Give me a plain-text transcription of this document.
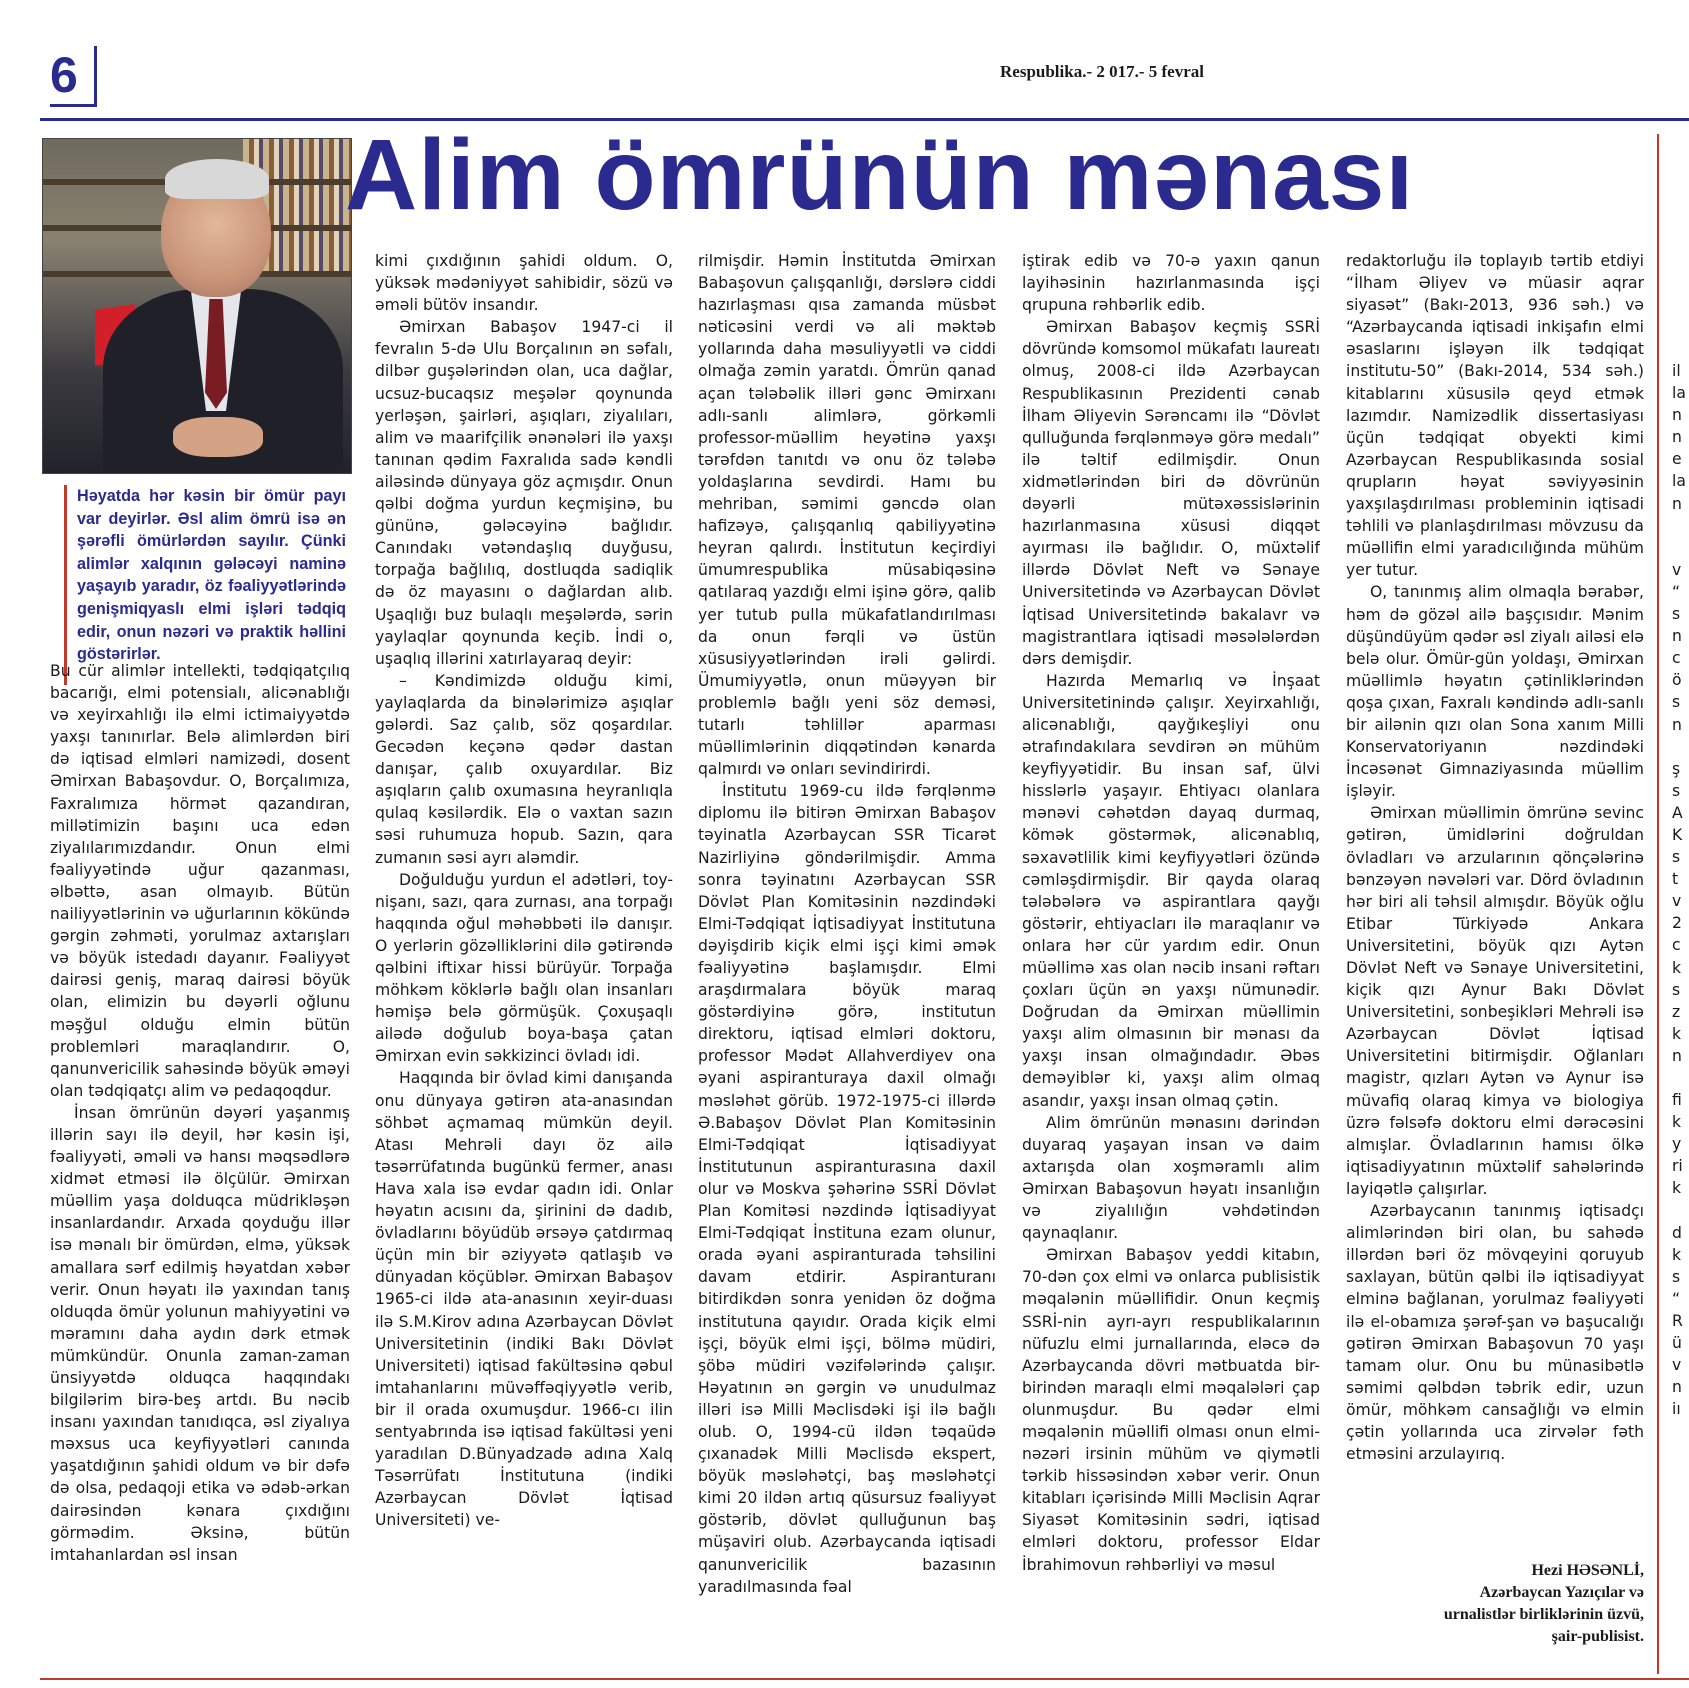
6	Respublika.- 2 017.- 5 fevral
Alim ömrünün mənası
Həyatda hər kəsin bir ömür payı var deyirlər. Əsl alim ömrü isə ən şərəfli ömürlərdən sayılır. Çünki alimlər xalqının gələcəyi naminə yaşayıb yaradır, öz fəaliyyətlərində genişmiqyaslı elmi işləri tədqiq edir, onun nəzəri və praktik həllini göstərirlər.

Bu cür alimlər intellekti, tədqiqatçılıq bacarığı, elmi potensialı, alicənablığı və xeyirxahlığı ilə elmi ictimaiyyətdə yaxşı tanınırlar. Belə alimlərdən biri də iqtisad elmləri namizədi, dosent Əmirxan Babaşovdur. O, Borçalımıza, Faxralımıza hörmət qazandıran, millətimizin başını uca edən ziyalılarımızdandır. Onun elmi fəaliyyətində uğur qazanması, əlbəttə, asan olmayıb. Bütün nailiyyətlərinin və uğurlarının kökündə gərgin zəhməti, yorulmaz axtarışları və böyük istedadı dayanır. Fəaliyyət dairəsi geniş, maraq dairəsi böyük olan, elimizin bu dəyərli oğlunu məşğul olduğu elmin bütün problemləri maraqlandırır. O, qanunvericilik sahəsində böyük əməyi olan tədqiqatçı alim və pedaqoqdur.

İnsan ömrünün dəyəri yaşanmış illərin sayı ilə deyil, hər kəsin işi, fəaliyyəti, əməli və hansı məqsədlərə xidmət etməsi ilə ölçülür. Əmirxan müəllim yaşa dolduqca müdrikləşən insanlardandır. Arxada qoyduğu illər isə mənalı bir ömürdən, elmə, yüksək amallara sərf edilmiş həyatdan xəbər verir. Onun həyatı ilə yaxından tanış olduqda ömür yolunun mahiyyətini və məramını daha aydın dərk etmək mümkündür. Onunla zaman-zaman ünsiyyətdə olduqca haqqındakı bilgilərim birə-beş artdı. Bu nəcib insanı yaxından tanıdıqca, əsl ziyalıya məxsus uca keyfiyyətləri canında yaşatdığının şahidi oldum və bir dəfə də olsa, pedaqoji etika və ədəb-ərkan dairəsindən kənara çıxdığını görmədim. Əksinə, bütün imtahanlardan əsl insan

kimi çıxdığının şahidi oldum. O, yüksək mədəniyyət sahibidir, sözü və əməli bütöv insandır.

Əmirxan Babaşov 1947-ci il fevralın 5-də Ulu Borçalının ən səfalı, dilbər guşələrindən olan, uca dağlar, ucsuz-bucaqsız meşələr qoynunda yerləşən, şairləri, aşıqları, ziyalıları, alim və maarifçilik ənənələri ilə yaxşı tanınan qədim Faxralıda sadə kəndli ailəsində dünyaya göz açmışdır. Onun qəlbi doğma yurdun keçmişinə, bu gününə, gələcəyinə bağlıdır. Canındakı vətəndaşlıq duyğusu, torpağa bağlılıq, dostluqda sadiqlik də öz mayasını o dağlardan alıb. Uşaqlığı buz bulaqlı meşələrdə, sərin yaylaqlar qoynunda keçib. İndi o, uşaqlıq illərini xatırlayaraq deyir:

– Kəndimizdə olduğu kimi, yaylaqlarda da binələrimizə aşıqlar gələrdi. Saz çalıb, söz qoşardılar. Gecədən keçənə qədər dastan danışar, çalıb oxuyardılar. Biz aşıqların çalıb oxumasına heyranlıqla qulaq kəsilərdik. Elə o vaxtan sazın səsi ruhumuza hopub. Sazın, qara zumanın səsi ayrı aləmdir.

Doğulduğu yurdun el adətləri, toy-nişanı, sazı, qara zurnası, ana torpağı haqqında oğul məhəbbəti ilə danışır. O yerlərin gözəlliklərini dilə gətirəndə qəlbini iftixar hissi bürüyür. Torpağa möhkəm köklərlə bağlı olan insanları həmişə belə görmüşük. Çoxuşaqlı ailədə doğulub boya-başa çatan Əmirxan evin səkkizinci övladı idi.

Haqqında bir övlad kimi danışanda onu dünyaya gətirən ata-anasından söhbət açmamaq mümkün deyil. Atası Mehrəli dayı öz ailə təsərrüfatında bugünkü fermer, anası Hava xala isə evdar qadın idi. Onlar həyatın acısını da, şirinini də dadıb, övladlarını böyüdüb ərsəyə çatdırmaq üçün min bir əziyyətə qatlaşıb və dünyadan köçüblər. Əmirxan Babaşov 1965-ci ildə ata-anasının xeyir-duası ilə S.M.Kirov adına Azərbaycan Dövlət Universitetinin (indiki Bakı Dövlət Universiteti) iqtisad fakültəsinə qəbul imtahanlarını müvəffəqiyyətlə verib, bir il orada oxumuşdur. 1966-cı ilin sentyabrında isə iqtisad fakültəsi yeni yaradılan D.Bünyadzadə adına Xalq Təsərrüfatı İnstitutuna (indiki Azərbaycan Dövlət İqtisad Universiteti) ve-

rilmişdir. Həmin İnstitutda Əmirxan Babaşovun çalışqanlığı, dərslərə ciddi hazırlaşması qısa zamanda müsbət nəticəsini verdi və ali məktəb yollarında daha məsuliyyətli və ciddi olmağa zəmin yaratdı. Ömrün qanad açan tələbəlik illəri gənc Əmirxanı adlı-sanlı alimlərə, görkəmli professor-müəllim heyətinə yaxşı tərəfdən tanıtdı və onu öz tələbə yoldaşlarına sevdirdi. Hamı bu mehriban, səmimi gəncdə olan hafizəyə, çalışqanlıq qabiliyyətinə heyran qalırdı. İnstitutun keçirdiyi ümumrespublika müsabiqəsinə qatılaraq yazdığı elmi işinə görə, qalib yer tutub pulla mükafatlandırılması da onun fərqli və üstün xüsusiyyətlərindən irəli gəlirdi. Ümumiyyətlə, onun müəyyən bir problemlə bağlı yeni söz deməsi, tutarlı təhlillər aparması müəllimlərinin diqqətindən kənarda qalmırdı və onları sevindirirdi.

İnstitutu 1969-cu ildə fərqlənmə diplomu ilə bitirən Əmirxan Babaşov təyinatla Azərbaycan SSR Ticarət Nazirliyinə göndərilmişdir. Amma sonra təyinatını Azərbaycan SSR Dövlət Plan Komitəsinin nəzdindəki Elmi-Tədqiqat İqtisadiyyat İnstitutuna dəyişdirib kiçik elmi işçi kimi əmək fəaliyyətinə başlamışdır. Elmi araşdırmalara böyük maraq göstərdiyinə görə, institutun direktoru, iqtisad elmləri doktoru, professor Mədət Allahverdiyev ona əyani aspiranturaya daxil olmağı məsləhət görüb. 1972-1975-ci illərdə Ə.Babaşov Dövlət Plan Komitəsinin Elmi-Tədqiqat İqtisadiyyat İnstitutunun aspiranturasına daxil olur və Moskva şəhərinə SSRİ Dövlət Plan Komitəsi nəzdində İqtisadiyyat Elmi-Tədqiqat İnstituna ezam olunur, orada əyani aspiranturada təhsilini davam etdirir. Aspiranturanı bitirdikdən sonra yenidən öz doğma institutuna qayıdır. Orada kiçik elmi işçi, böyük elmi işçi, bölmə müdiri, şöbə müdiri vəzifələrində çalışır. Həyatının ən gərgin və unudulmaz illəri isə Milli Məclisdəki işi ilə bağlı olub. O, 1994-cü ildən təqaüdə çıxanadək Milli Məclisdə ekspert, böyük məsləhətçi, baş məsləhətçi kimi 20 ildən artıq qüsursuz fəaliyyət göstərib, dövlət qulluğunun baş müşaviri olub. Azərbaycanda iqtisadi qanunvericilik bazasının yaradılmasında fəal

iştirak edib və 70-ə yaxın qanun layihəsinin hazırlanmasında işçi qrupuna rəhbərlik edib.

Əmirxan Babaşov keçmiş SSRİ dövründə komsomol mükafatı laureatı olmuş, 2008-ci ildə Azərbaycan Respublikasının Prezidenti cənab İlham Əliyevin Sərəncamı ilə “Dövlət qulluğunda fərqlənməyə görə medalı” ilə təltif edilmişdir. Onun xidmətlərindən biri də dövrünün dəyərli mütəxəssislərinin hazırlanmasına xüsusi diqqət ayırması ilə bağlıdır. O, müxtəlif illərdə Dövlət Neft və Sənaye Universitetində və Azərbaycan Dövlət İqtisad Universitetində bakalavr və magistrantlara iqtisadi məsələlərdən dərs demişdir.

Hazırda Memarlıq və İnşaat Universitetinində çalışır. Xeyirxahlığı, alicənablığı, qayğıkeşliyi onu ətrafındakılara sevdirən ən mühüm keyfiyyətidir. Bu insan saf, ülvi hisslərlə yaşayır. Ehtiyacı olanlara mənəvi cəhətdən dayaq durmaq, kömək göstərmək, alicənablıq, səxavətlilik kimi keyfiyyətləri özündə cəmləşdirmişdir. Bir qayda olaraq tələbələrə və aspirantlara qayğı göstərir, ehtiyacları ilə maraqlanır və onlara hər cür yardım edir. Onun müəllimə xas olan nəcib insani rəftarı çoxları üçün ən yaxşı nümunədir. Doğrudan da Əmirxan müəllimin yaxşı alim olmasının bir mənası da yaxşı insan olmağındadır. Əbəs deməyiblər ki, yaxşı alim olmaq asandır, yaxşı insan olmaq çətin.

Alim ömrünün mənasını dərindən duyaraq yaşayan insan və daim axtarışda olan xoşməramlı alim Əmirxan Babaşovun həyatı insanlığın və ziyalılığın vəhdətindən qaynaqlanır.

Əmirxan Babaşov yeddi kitabın, 70-dən çox elmi və onlarca publisistik məqalənin müəllifidir. Onun keçmiş SSRİ-nin ayrı-ayrı respublikalarının nüfuzlu elmi jurnallarında, eləcə də Azərbaycanda dövri mətbuatda bir-birindən maraqlı elmi məqalələri çap olunmuşdur. Bu qədər elmi məqalənin müəllifi olması onun elmi-nəzəri irsinin mühüm və qiymətli tərkib hissəsindən xəbər verir. Onun kitabları içərisində Milli Məclisin Aqrar Siyasət Komitəsinin sədri, iqtisad elmləri doktoru, professor Eldar İbrahimovun rəhbərliyi və məsul

redaktorluğu ilə toplayıb tərtib etdiyi “İlham Əliyev və müasir aqrar siyasət” (Bakı-2013, 936 səh.) və “Azərbaycanda iqtisadi inkişafın elmi əsaslarını işləyən ilk tədqiqat institutu-50” (Bakı-2014, 534 səh.) kitablarını xüsusilə qeyd etmək lazımdır. Namizədlik dissertasiyası üçün tədqiqat obyekti kimi Azərbaycan Respublikasında sosial qrupların həyat səviyyəsinin yaxşılaşdırılması probleminin iqtisadi təhlili və planlaşdırılması mövzusu da müəllifin elmi yaradıcılığında mühüm yer tutur.

O, tanınmış alim olmaqla bərabər, həm də gözəl ailə başçısıdır. Mənim düşündüyüm qədər əsl ziyalı ailəsi elə belə olur. Ömür-gün yoldaşı, Əmirxan müəllimlə həyatın çətinliklərindən qoşa çıxan, Faxralı kəndində adlı-sanlı bir ailənin qızı olan Sona xanım Milli Konservatoriyanın nəzdindəki İncəsənət Gimnaziyasında müəllim işləyir.

Əmirxan müəllimin ömrünə sevinc gətirən, ümidlərini doğruldan övladları və arzularının qönçələrinə bənzəyən nəvələri var. Dörd övladının hər biri ali təhsil almışdır. Böyük oğlu Etibar Türkiyədə Ankara Universitetini, böyük qızı Aytən Dövlət Neft və Sənaye Universitetini, kiçik qızı Aynur Bakı Dövlət Universitetini, sonbeşikləri Mehrəli isə Azərbaycan Dövlət İqtisad Universitetini bitirmişdir. Oğlanları magistr, qızları Aytən və Aynur isə müvafiq olaraq kimya və biologiya üzrə fəlsəfə doktoru elmi dərəcəsini almışlar. Övladlarının hamısı ölkə iqtisadiyyatının müxtəlif sahələrində layiqətlə çalışırlar.

Azərbaycanın tanınmış iqtisadçı alimlərindən biri olan, bu sahədə illərdən bəri öz mövqeyini qoruyub saxlayan, bütün qəlbi ilə iqtisadiyyat elminə bağlanan, yorulmaz fəaliyyəti ilə el-obamıza şərəf-şan və başucalığı gətirən Əmirxan Babaşovun 70 yaşı tamam olur. Onu bu münasibətlə səmimi qəlbdən təbrik edir, uzun ömür, möhkəm cansağlığı və elmin çətin yollarında uca zirvələr fəth etməsini arzulayırıq.

Hezi HƏSƏNLİ,
Azərbaycan Yazıçılar və
urnalistlər birliklərinin üzvü,
şair-publisist.
il
la
n
n
e
la
n
v
“
s
n
c
ö
s
n
ş
s
A
K
s
t
v
2
c
k
s
z
k
n
fi
k
y
ri
k
d
k
s
“
R
ü
v
n
iı
